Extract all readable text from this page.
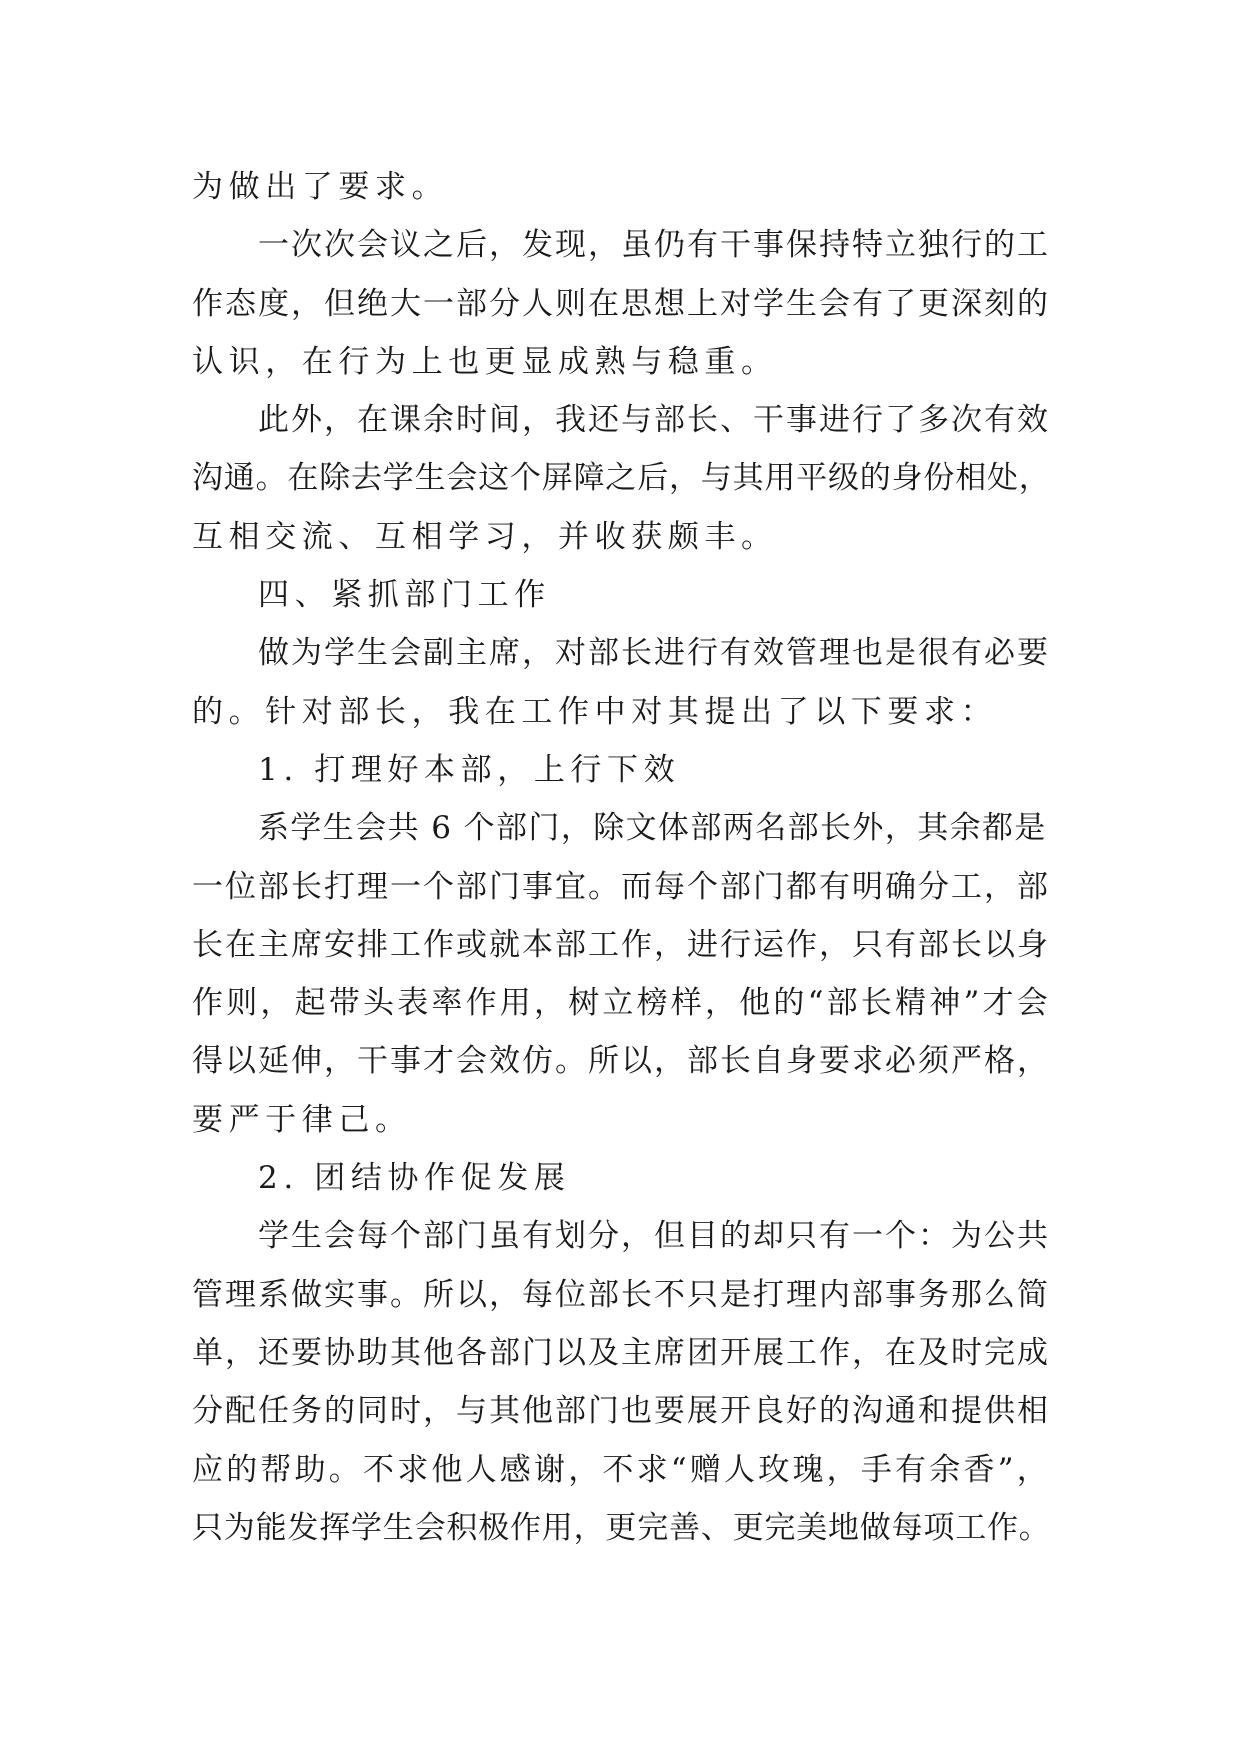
为做出了要求。
一次次会议之后，发现，虽仍有干事保持特立独行的工
作态度，但绝大一部分人则在思想上对学生会有了更深刻的
认识，在行为上也更显成熟与稳重。
此外，在课余时间，我还与部长、干事进行了多次有效
沟通。在除去学生会这个屏障之后，与其用平级的身份相处，
互相交流、互相学习，并收获颇丰。
四、紧抓部门工作
做为学生会副主席，对部长进行有效管理也是很有必要
的。针对部长，我在工作中对其提出了以下要求：
1. 打理好本部，上行下效
系学生会共 6 个部门，除文体部两名部长外，其余都是
一位部长打理一个部门事宜。而每个部门都有明确分工，部
长在主席安排工作或就本部工作，进行运作，只有部长以身
作则，起带头表率作用，树立榜样，他的“部长精神”才会
得以延伸，干事才会效仿。所以，部长自身要求必须严格，
要严于律己。
2. 团结协作促发展
学生会每个部门虽有划分，但目的却只有一个：为公共
管理系做实事。所以，每位部长不只是打理内部事务那么简
单，还要协助其他各部门以及主席团开展工作，在及时完成
分配任务的同时，与其他部门也要展开良好的沟通和提供相
应的帮助。不求他人感谢，不求“赠人玫瑰，手有余香”，
只为能发挥学生会积极作用，更完善、更完美地做每项工作。
